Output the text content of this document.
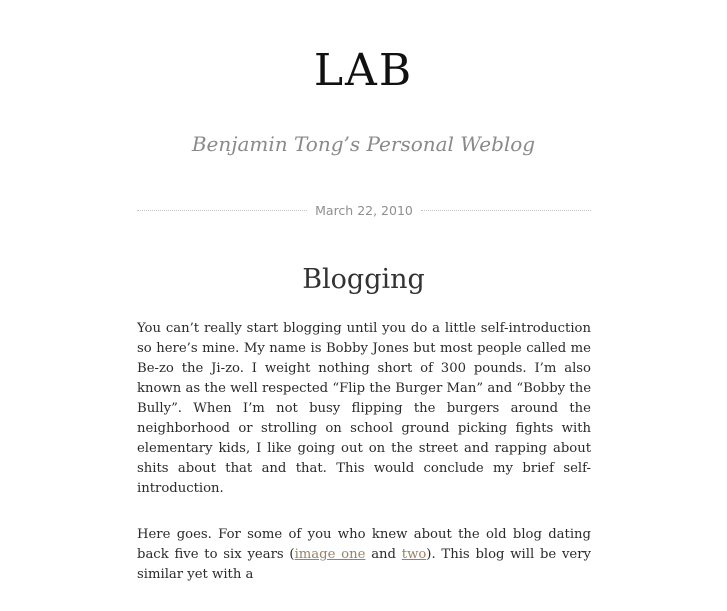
LAB
Benjamin Tong’s Personal Weblog
March 22, 2010
Blogging

You can’t really start blogging until you do a little self-introduction so here’s mine. My name is Bobby Jones but most people called me Be-zo the Ji-zo. I weight nothing short of 300 pounds. I’m also known as the well respected “Flip the Burger Man” and “Bobby the Bully”. When I’m not busy flipping the burgers around the neighborhood or strolling on school ground picking fights with elementary kids, I like going out on the street and rapping about shits about that and that. This would conclude my brief self-introduction.

Here goes. For some of you who knew about the old blog dating back five to six years (image one and two). This blog will be very similar yet with a
